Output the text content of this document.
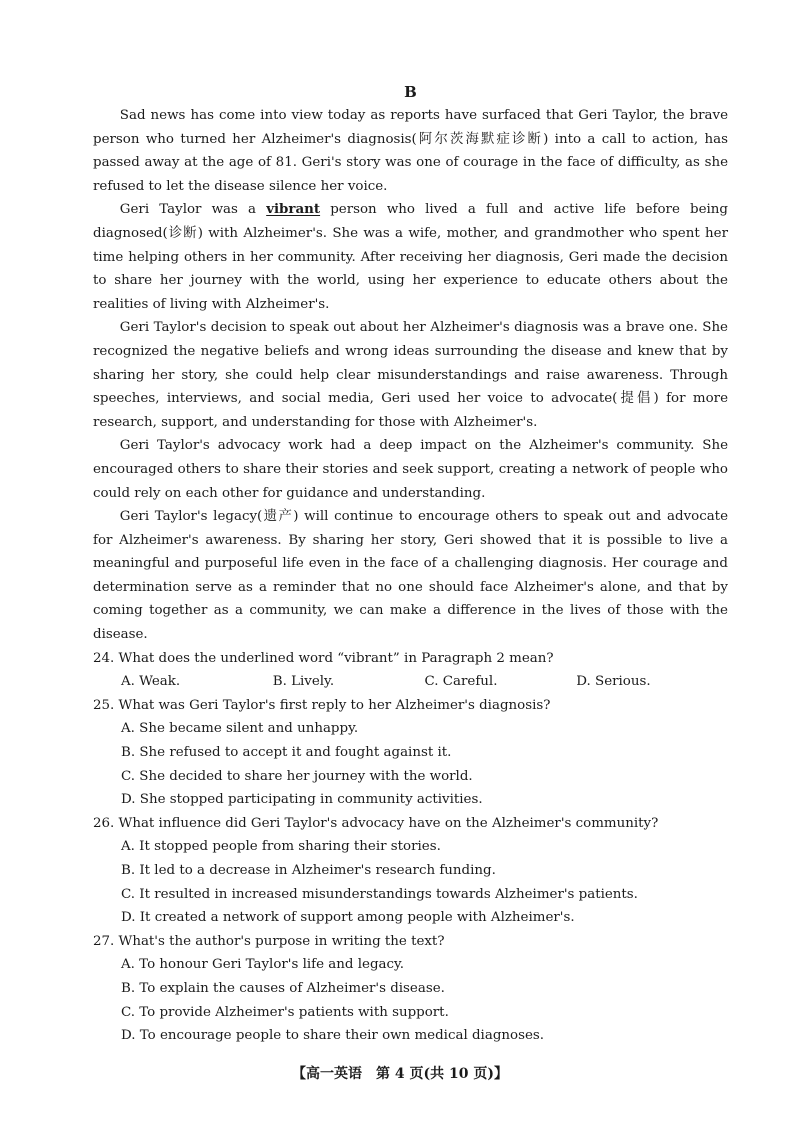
B

Sad news has come into view today as reports have surfaced that Geri Taylor, the brave person who turned her Alzheimer's diagnosis(阿尔茨海默症诊断) into a call to action, has passed away at the age of 81. Geri's story was one of courage in the face of difficulty, as she refused to let the disease silence her voice.

Geri Taylor was a vibrant person who lived a full and active life before being diagnosed(诊断) with Alzheimer's. She was a wife, mother, and grandmother who spent her time helping others in her community. After receiving her diagnosis, Geri made the decision to share her journey with the world, using her experience to educate others about the realities of living with Alzheimer's.

Geri Taylor's decision to speak out about her Alzheimer's diagnosis was a brave one. She recognized the negative beliefs and wrong ideas surrounding the disease and knew that by sharing her story, she could help clear misunderstandings and raise awareness. Through speeches, interviews, and social media, Geri used her voice to advocate(提倡) for more research, support, and understanding for those with Alzheimer's.

Geri Taylor's advocacy work had a deep impact on the Alzheimer's community. She encouraged others to share their stories and seek support, creating a network of people who could rely on each other for guidance and understanding.

Geri Taylor's legacy(遗产) will continue to encourage others to speak out and advocate for Alzheimer's awareness. By sharing her story, Geri showed that it is possible to live a meaningful and purposeful life even in the face of a challenging diagnosis. Her courage and determination serve as a reminder that no one should face Alzheimer's alone, and that by coming together as a community, we can make a difference in the lives of those with the disease.

24. What does the underlined word “vibrant” in Paragraph 2 mean?

A. Weak.	B. Lively.	C. Careful.	D. Serious.

25. What was Geri Taylor's first reply to her Alzheimer's diagnosis?

A. She became silent and unhappy.
B. She refused to accept it and fought against it.
C. She decided to share her journey with the world.
D. She stopped participating in community activities.

26. What influence did Geri Taylor's advocacy have on the Alzheimer's community?

A. It stopped people from sharing their stories.
B. It led to a decrease in Alzheimer's research funding.
C. It resulted in increased misunderstandings towards Alzheimer's patients.
D. It created a network of support among people with Alzheimer's.

27. What's the author's purpose in writing the text?

A. To honour Geri Taylor's life and legacy.
B. To explain the causes of Alzheimer's disease.
C. To provide Alzheimer's patients with support.
D. To encourage people to share their own medical diagnoses.
【高一英语　第 4 页(共 10 页)】
